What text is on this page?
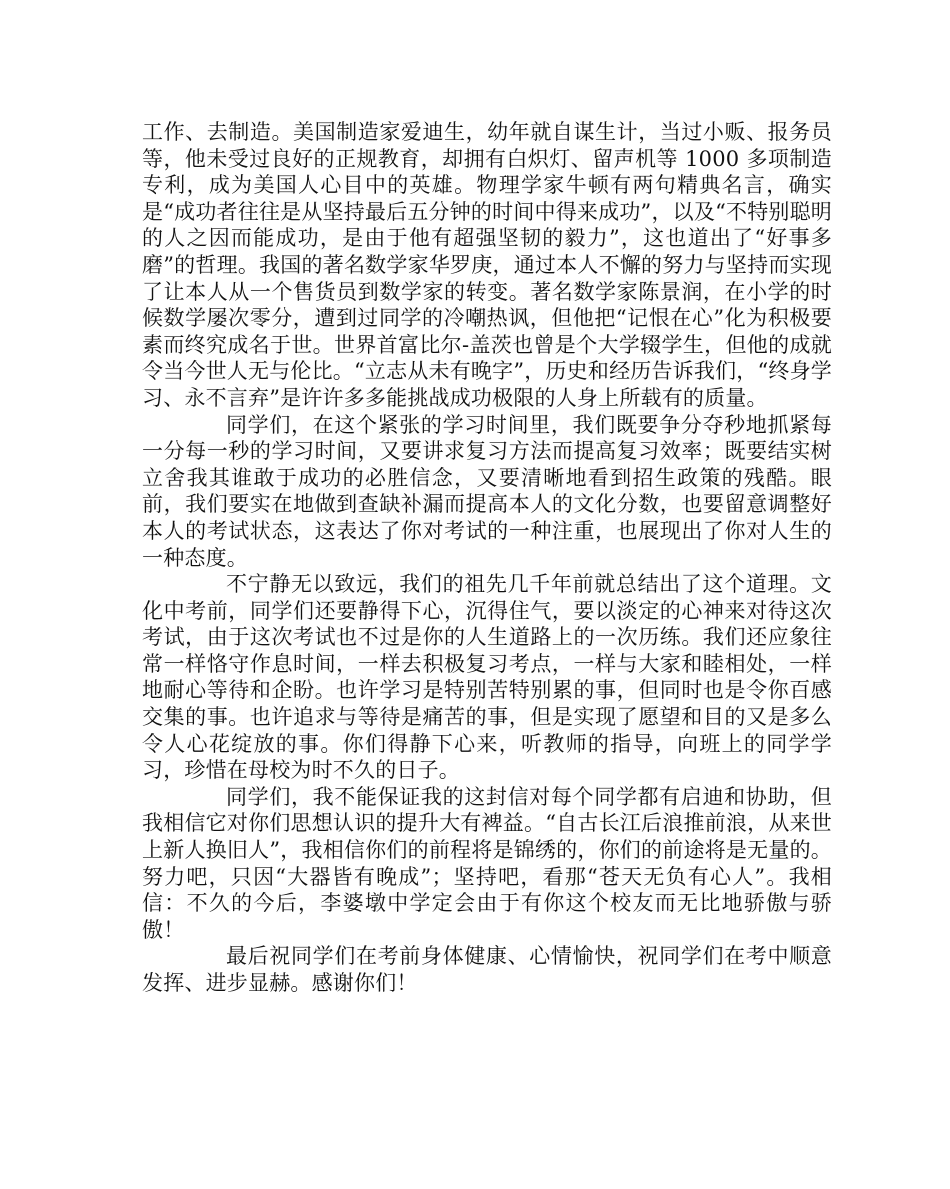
工作、去制造。美国制造家爱迪生，幼年就自谋生计，当过小贩、报务员等，他未受过良好的正规教育，却拥有白炽灯、留声机等 1000 多项制造专利，成为美国人心目中的英雄。物理学家牛顿有两句精典名言，确实是“成功者往往是从坚持最后五分钟的时间中得来成功”，以及“不特别聪明的人之因而能成功，是由于他有超强坚韧的毅力”，这也道出了“好事多磨”的哲理。我国的著名数学家华罗庚，通过本人不懈的努力与坚持而实现了让本人从一个售货员到数学家的转变。著名数学家陈景润，在小学的时候数学屡次零分，遭到过同学的冷嘲热讽，但他把“记恨在心”化为积极要素而终究成名于世。世界首富比尔-盖茨也曾是个大学辍学生，但他的成就令当今世人无与伦比。“立志从未有晚字”，历史和经历告诉我们，“终身学习、永不言弃”是许许多多能挑战成功极限的人身上所载有的质量。

同学们，在这个紧张的学习时间里，我们既要争分夺秒地抓紧每一分每一秒的学习时间，又要讲求复习方法而提高复习效率；既要结实树立舍我其谁敢于成功的必胜信念，又要清晰地看到招生政策的残酷。眼前，我们要实在地做到查缺补漏而提高本人的文化分数，也要留意调整好本人的考试状态，这表达了你对考试的一种注重，也展现出了你对人生的一种态度。

不宁静无以致远，我们的祖先几千年前就总结出了这个道理。文化中考前，同学们还要静得下心，沉得住气，要以淡定的心神来对待这次考试，由于这次考试也不过是你的人生道路上的一次历练。我们还应象往常一样恪守作息时间，一样去积极复习考点，一样与大家和睦相处，一样地耐心等待和企盼。也许学习是特别苦特别累的事，但同时也是令你百感交集的事。也许追求与等待是痛苦的事，但是实现了愿望和目的又是多么令人心花绽放的事。你们得静下心来，听教师的指导，向班上的同学学习，珍惜在母校为时不久的日子。

同学们，我不能保证我的这封信对每个同学都有启迪和协助，但我相信它对你们思想认识的提升大有裨益。“自古长江后浪推前浪，从来世上新人换旧人”，我相信你们的前程将是锦绣的，你们的前途将是无量的。努力吧，只因“大器皆有晚成”；坚持吧，看那“苍天无负有心人”。我相信：不久的今后，李婆墩中学定会由于有你这个校友而无比地骄傲与骄傲！

最后祝同学们在考前身体健康、心情愉快，祝同学们在考中顺意发挥、进步显赫。感谢你们！
